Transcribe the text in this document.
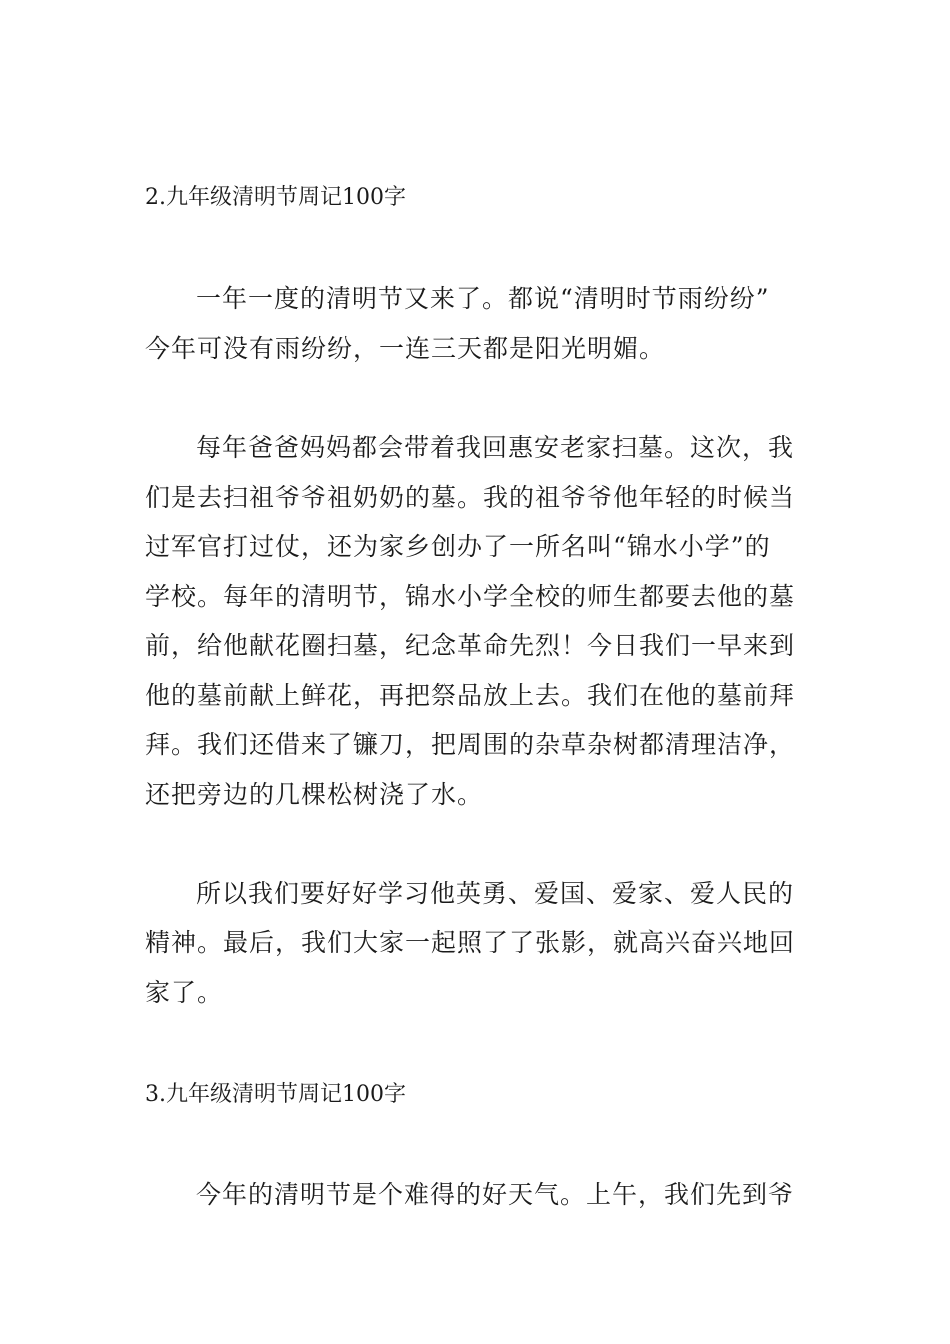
2.九年级清明节周记100字
一年一度的清明节又来了。都说“清明时节雨纷纷”
今年可没有雨纷纷，一连三天都是阳光明媚。
每年爸爸妈妈都会带着我回惠安老家扫墓。这次，我
们是去扫祖爷爷祖奶奶的墓。我的祖爷爷他年轻的时候当
过军官打过仗，还为家乡创办了一所名叫“锦水小学”的
学校。每年的清明节，锦水小学全校的师生都要去他的墓
前，给他献花圈扫墓，纪念革命先烈！今日我们一早来到
他的墓前献上鲜花，再把祭品放上去。我们在他的墓前拜
拜。我们还借来了镰刀，把周围的杂草杂树都清理洁净，
还把旁边的几棵松树浇了水。
所以我们要好好学习他英勇、爱国、爱家、爱人民的
精神。最后，我们大家一起照了了张影，就高兴奋兴地回
家了。
3.九年级清明节周记100字
今年的清明节是个难得的好天气。上午，我们先到爷
